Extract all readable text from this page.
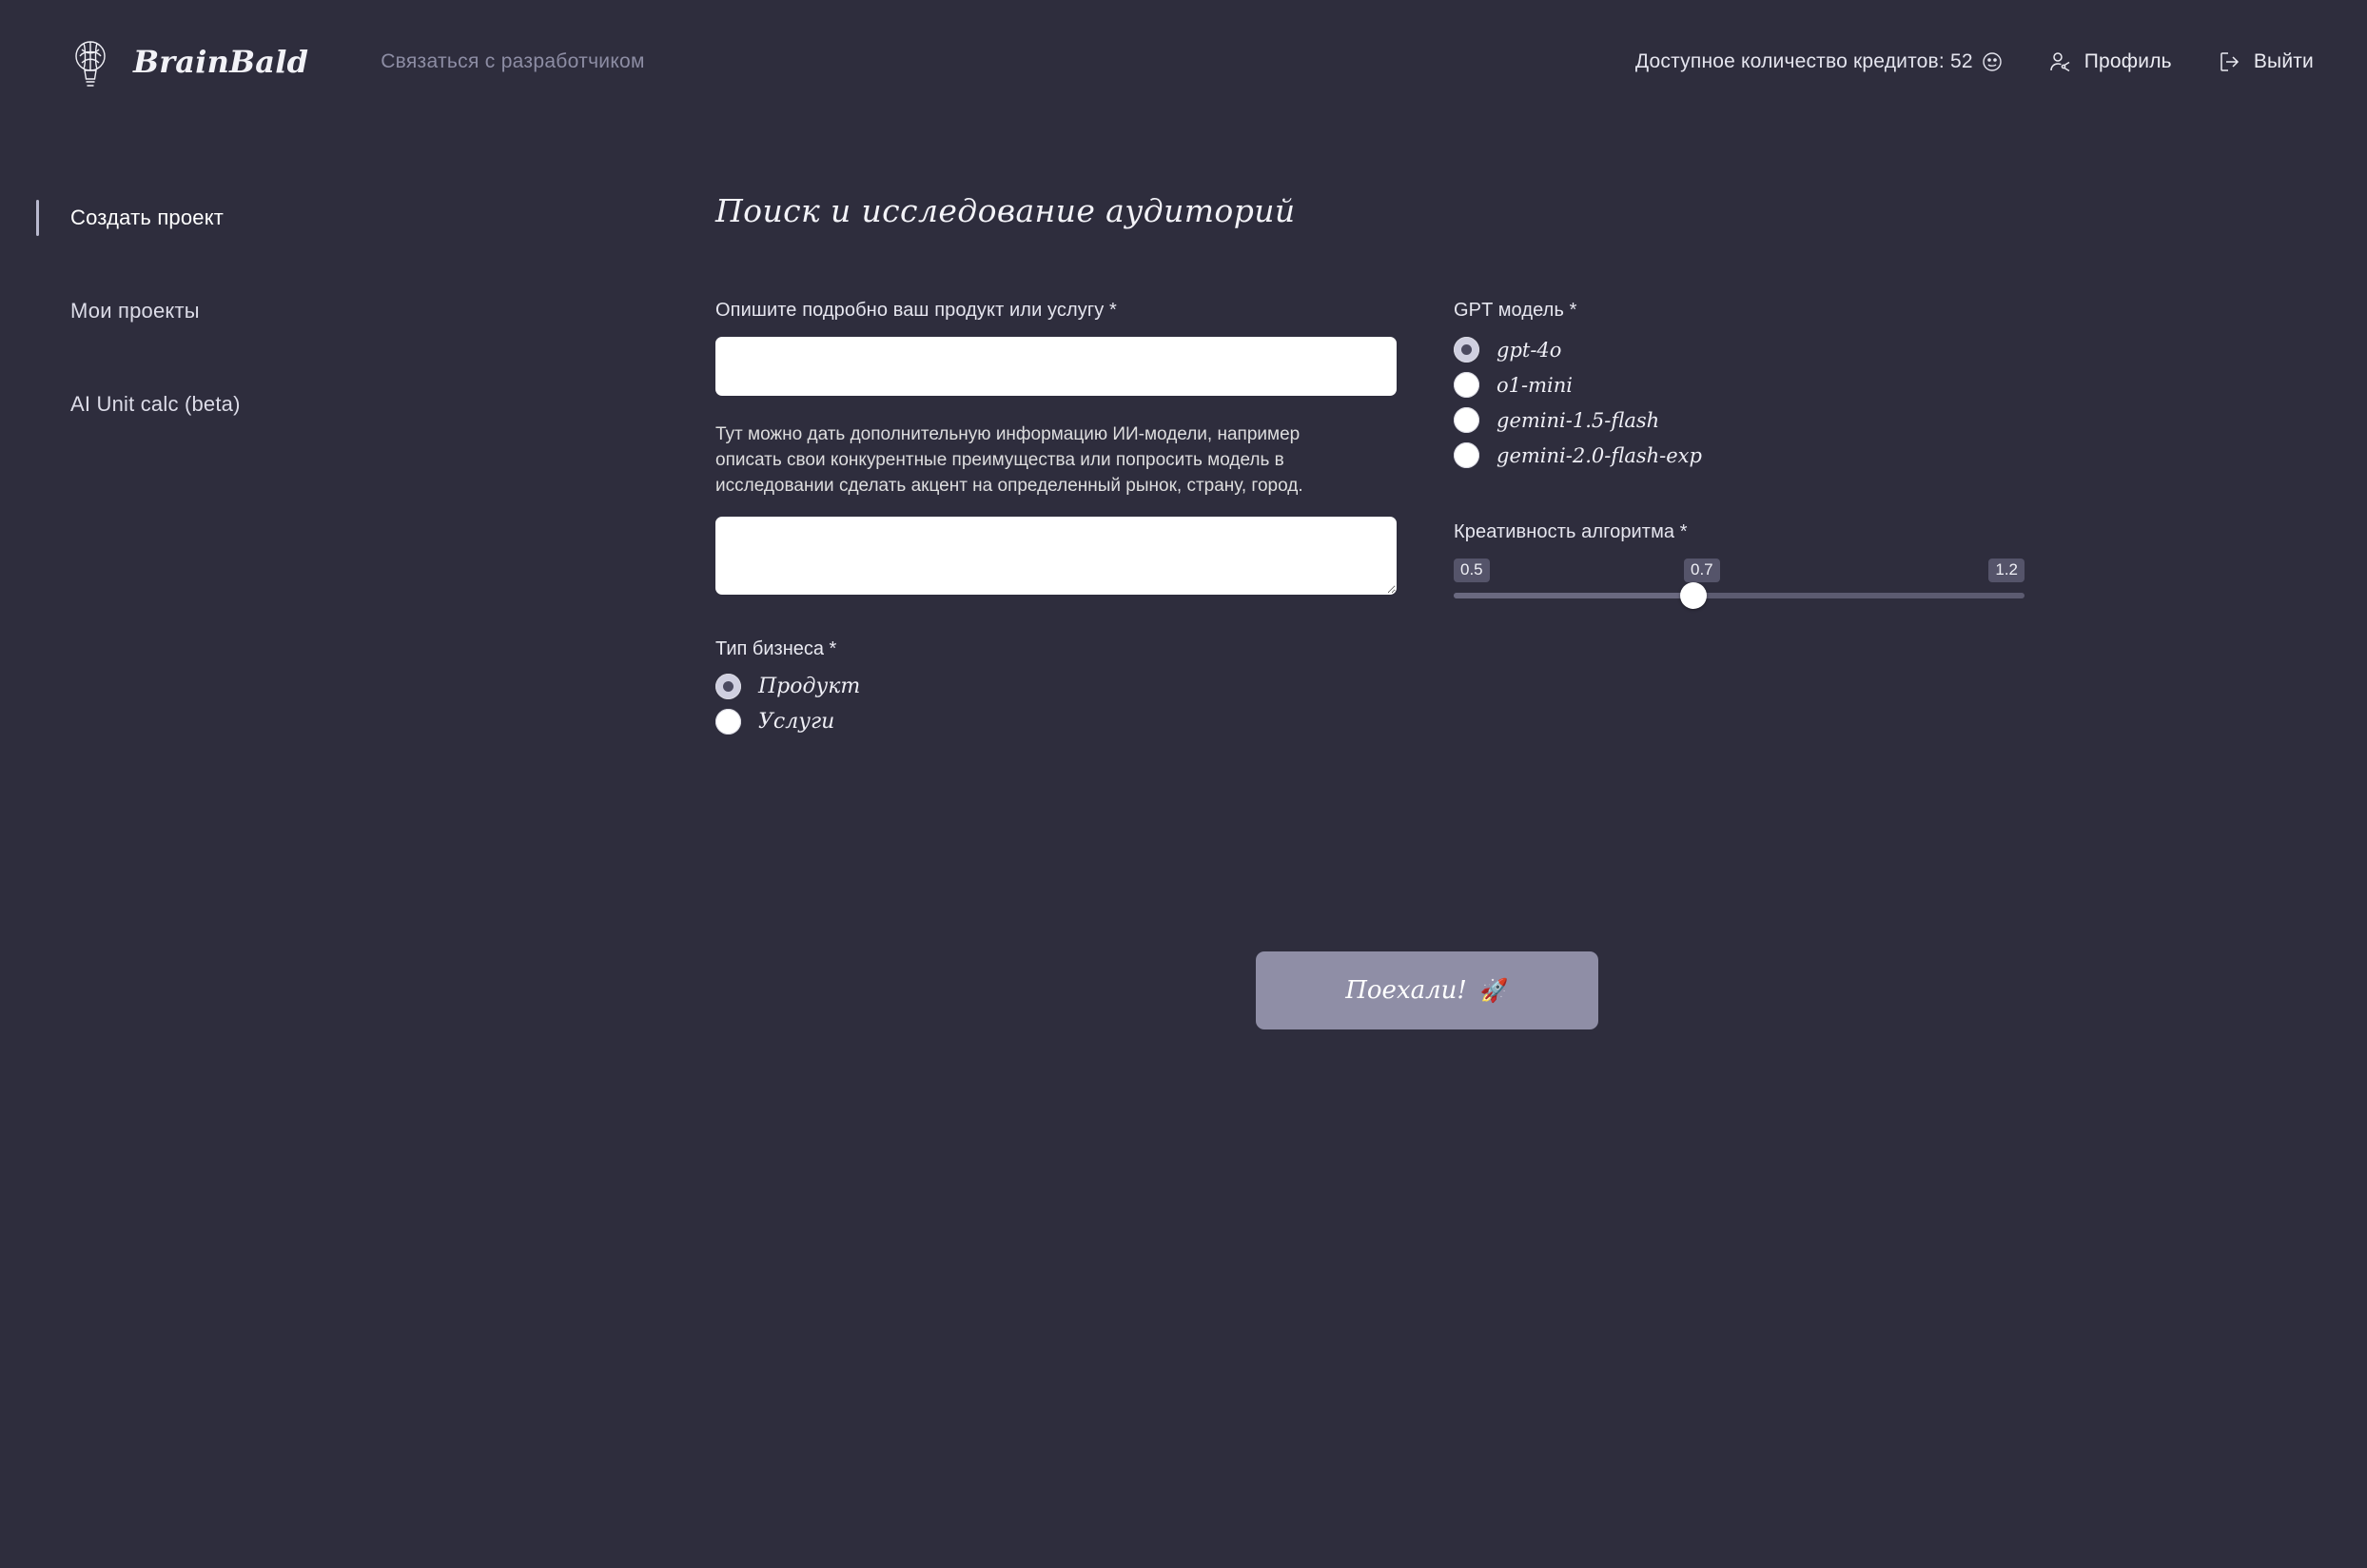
BrainBald	Связаться с разработчиком	Доступное количество кредитов: 52	Профиль	Выйти
Создать проект
Мои проекты
AI Unit calc (beta)
Поиск и исследование аудиторий
Опишите подробно ваш продукт или услугу *
Тут можно дать дополнительную информацию ИИ-модели, например описать свои конкурентные преимущества или попросить модель в исследовании сделать акцент на определенный рынок, страну, город.
Тип бизнеса *
Продукт
Услуги
GPT модель *
gpt-4o
o1-mini
gemini-1.5-flash
gemini-2.0-flash-exp
Креативность алгоритма *
0.5	0.7	1.2
Поехали! 🚀
